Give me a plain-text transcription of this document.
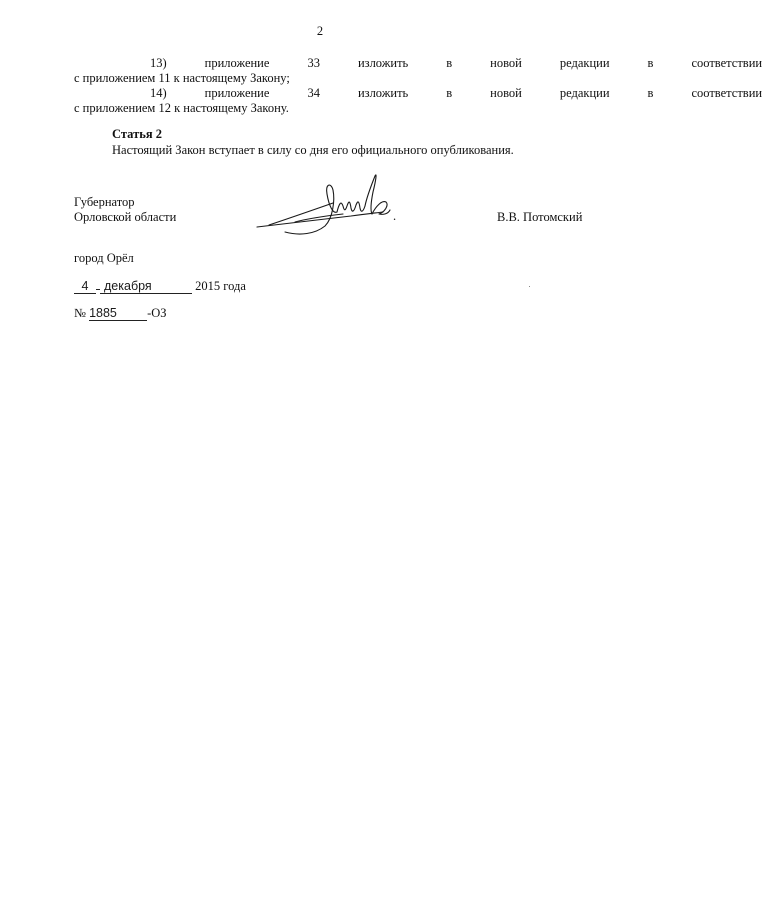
2
13)	приложение	33	изложить	в	новой	редакции	в	соответствии
с приложением 11 к настоящему Закону;
14)	приложение	34	изложить	в	новой	редакции	в	соответствии
с приложением 12 к настоящему Закону.
Статья 2
Настоящий Закон вступает в силу со дня его официального опубликования.
Губернатор
Орловской области	.	В.В. Потомский
город Орёл
4 декабря	2015 года
№ 1885 -ОЗ
